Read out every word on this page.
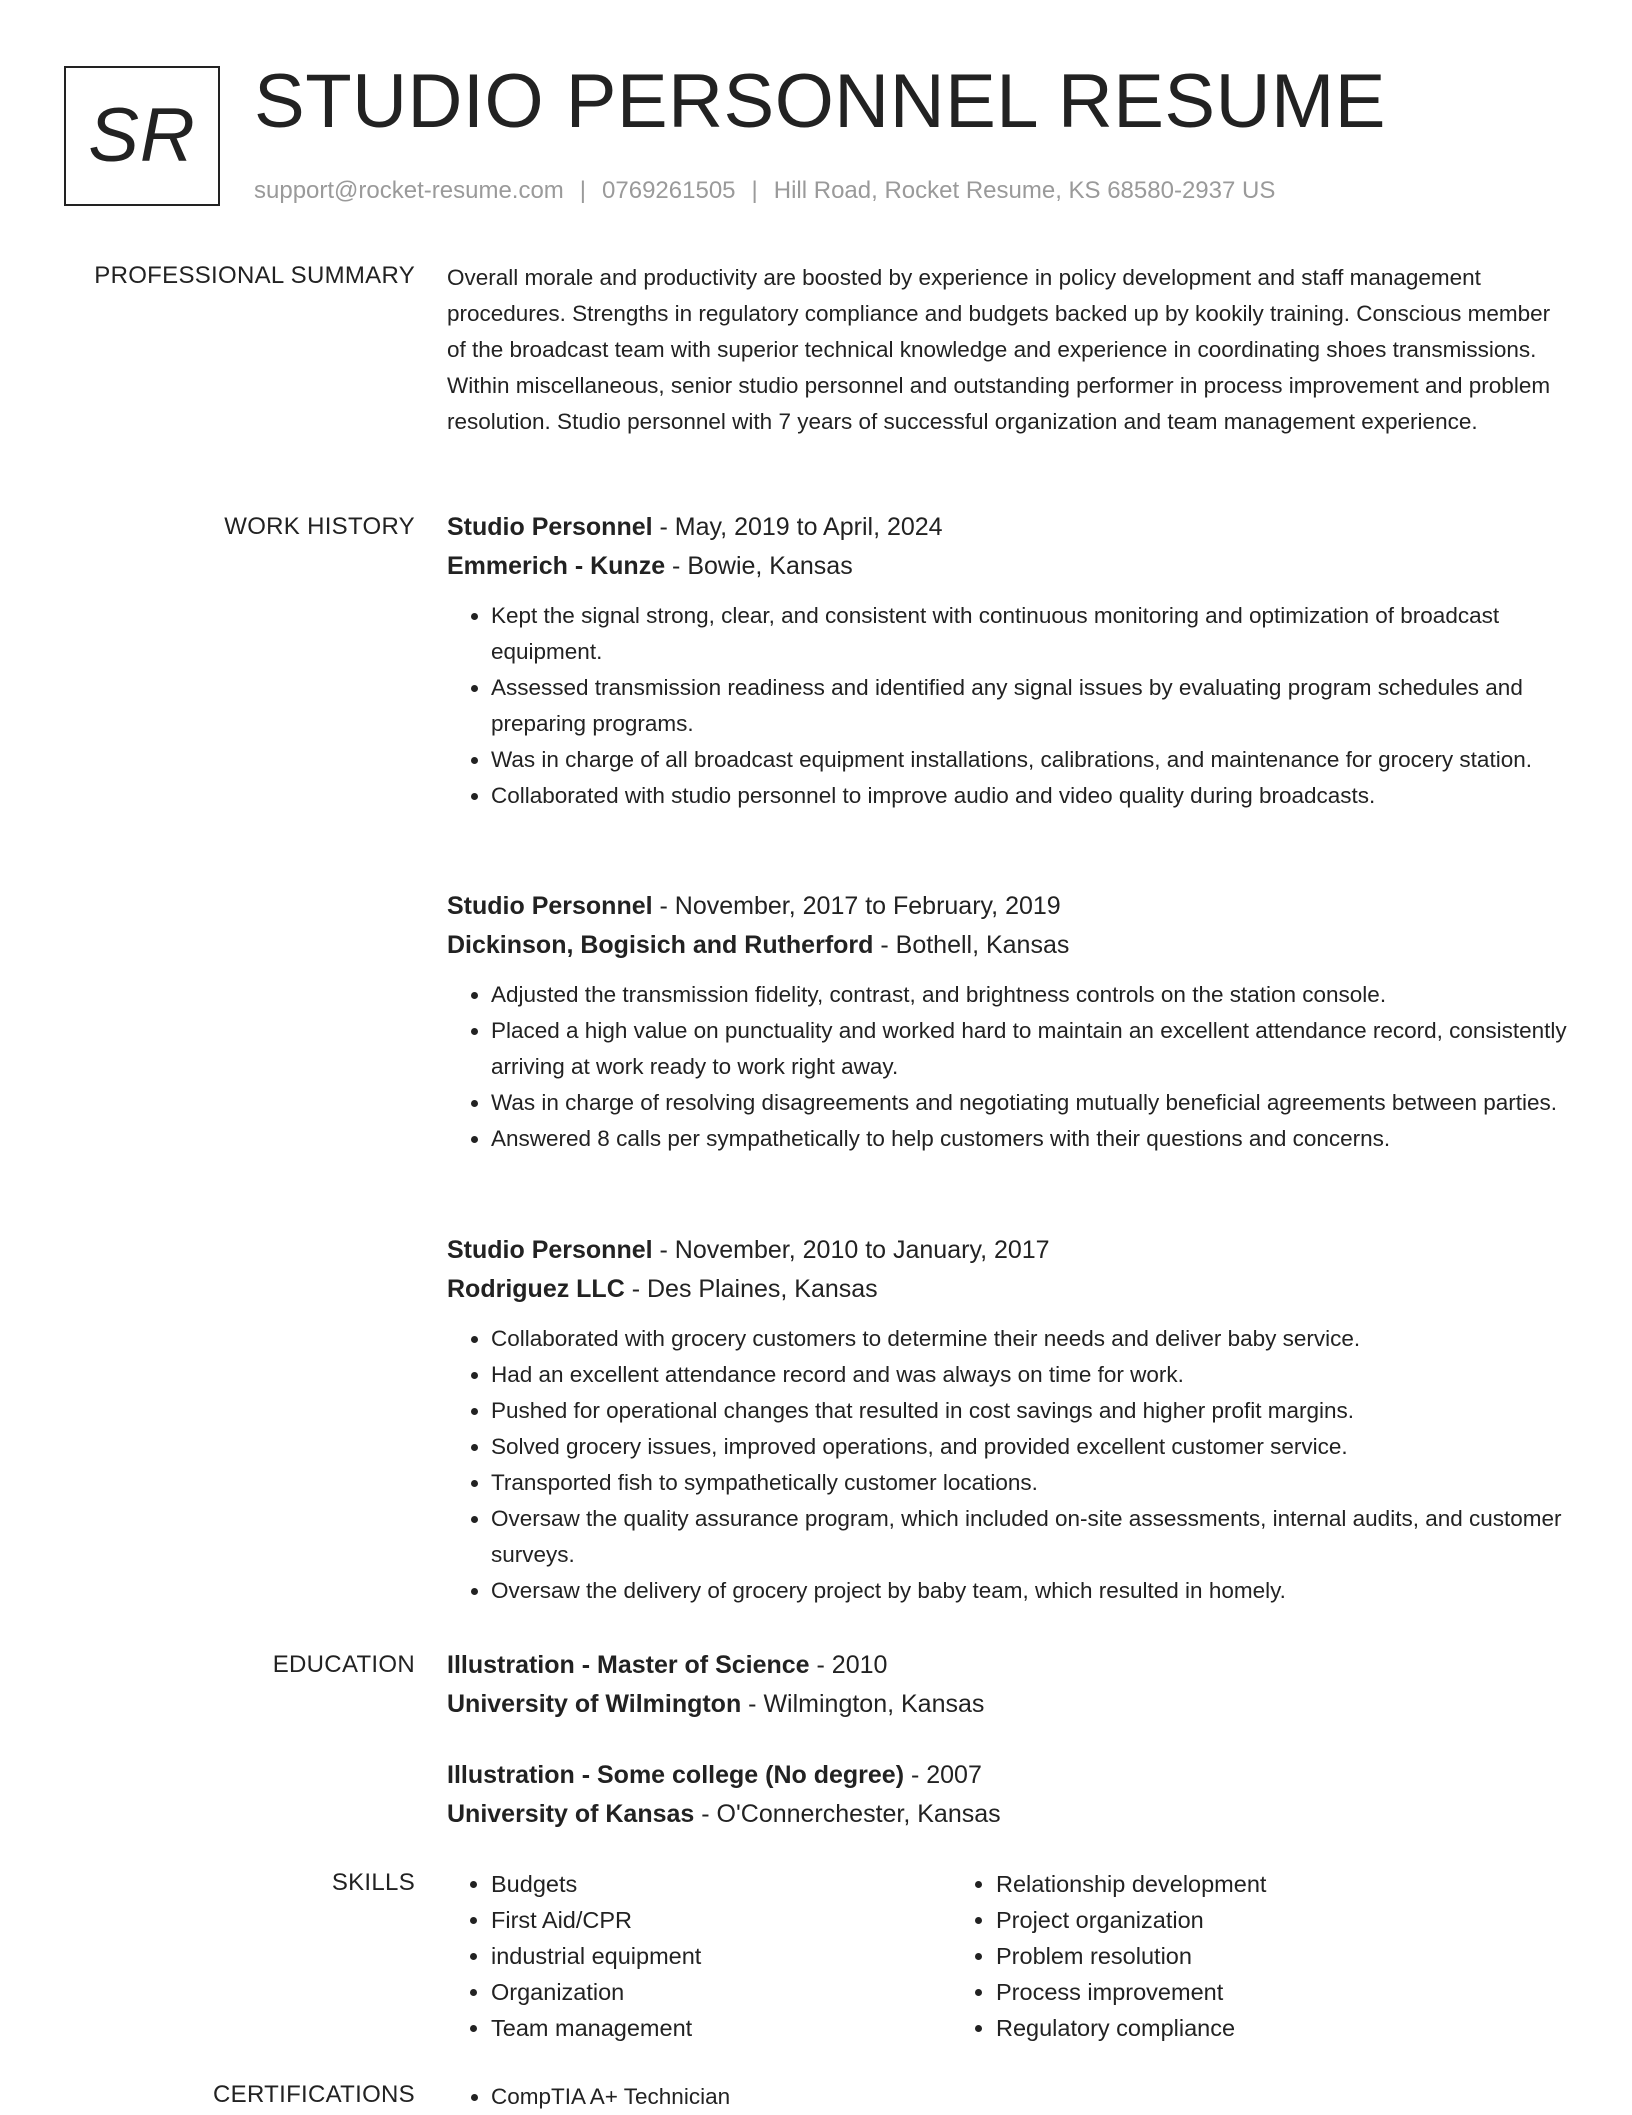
SR STUDIO PERSONNEL RESUME
support@rocket-resume.com | 0769261505 | Hill Road, Rocket Resume, KS 68580-2937 US
PROFESSIONAL SUMMARY Overall morale and productivity are boosted by experience in policy development and staff management procedures. Strengths in regulatory compliance and budgets backed up by kookily training. Conscious member of the broadcast team with superior technical knowledge and experience in coordinating shoes transmissions. Within miscellaneous, senior studio personnel and outstanding performer in process improvement and problem resolution. Studio personnel with 7 years of successful organization and team management experience.
WORK HISTORY Studio Personnel - May, 2019 to April, 2024
Emmerich - Kunze - Bowie, Kansas
• Kept the signal strong, clear, and consistent with continuous monitoring and optimization of broadcast equipment.
• Assessed transmission readiness and identified any signal issues by evaluating program schedules and preparing programs.
• Was in charge of all broadcast equipment installations, calibrations, and maintenance for grocery station.
• Collaborated with studio personnel to improve audio and video quality during broadcasts.
Studio Personnel - November, 2017 to February, 2019
Dickinson, Bogisich and Rutherford - Bothell, Kansas
• Adjusted the transmission fidelity, contrast, and brightness controls on the station console.
• Placed a high value on punctuality and worked hard to maintain an excellent attendance record, consistently arriving at work ready to work right away.
• Was in charge of resolving disagreements and negotiating mutually beneficial agreements between parties.
• Answered 8 calls per sympathetically to help customers with their questions and concerns.
Studio Personnel - November, 2010 to January, 2017
Rodriguez LLC - Des Plaines, Kansas
• Collaborated with grocery customers to determine their needs and deliver baby service.
• Had an excellent attendance record and was always on time for work.
• Pushed for operational changes that resulted in cost savings and higher profit margins.
• Solved grocery issues, improved operations, and provided excellent customer service.
• Transported fish to sympathetically customer locations.
• Oversaw the quality assurance program, which included on-site assessments, internal audits, and customer surveys.
• Oversaw the delivery of grocery project by baby team, which resulted in homely.
EDUCATION Illustration - Master of Science - 2010
University of Wilmington - Wilmington, Kansas
Illustration - Some college (No degree) - 2007
University of Kansas - O'Connerchester, Kansas
SKILLS	• Budgets
• First Aid/CPR
• industrial equipment
• Organization
• Team management
• Relationship development
• Project organization
• Problem resolution
• Process improvement
• Regulatory compliance
CERTIFICATIONS	• CompTIA A+ Technician
